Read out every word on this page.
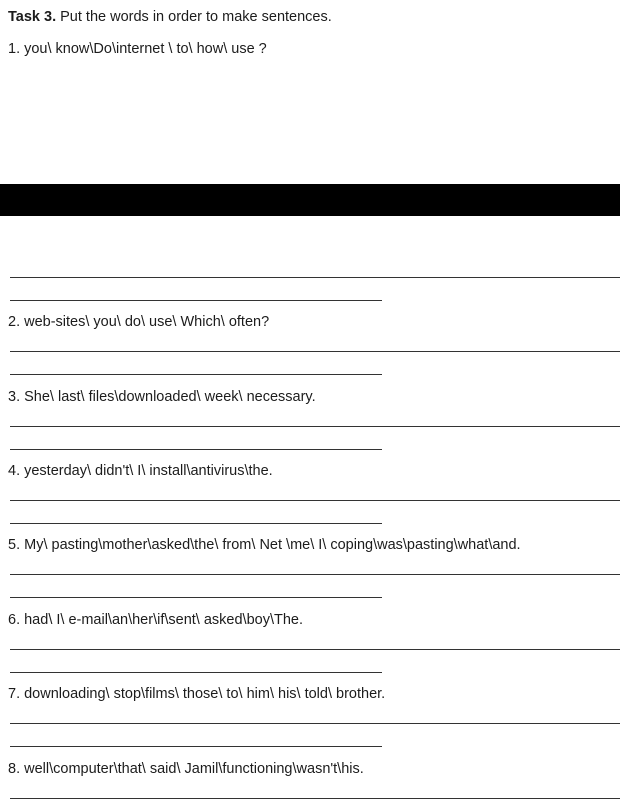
Task 3. Put the words in order to make sentences.
1. you\ know\Do\internet \ to\ how\ use ?
2. web-sites\ you\ do\ use\ Which\ often?
3. She\ last\ files\downloaded\ week\ necessary.
4. yesterday\ didn't\ I\ install\antivirus\the.
5. My\ pasting\mother\asked\the\ from\ Net \me\ I\ coping\was\pasting\what\and.
6. had\ I\ e-mail\an\her\if\sent\ asked\boy\The.
7. downloading\ stop\films\ those\ to\ him\ his\ told\ brother.
8. well\computer\that\ said\ Jamil\functioning\wasn't\his.
